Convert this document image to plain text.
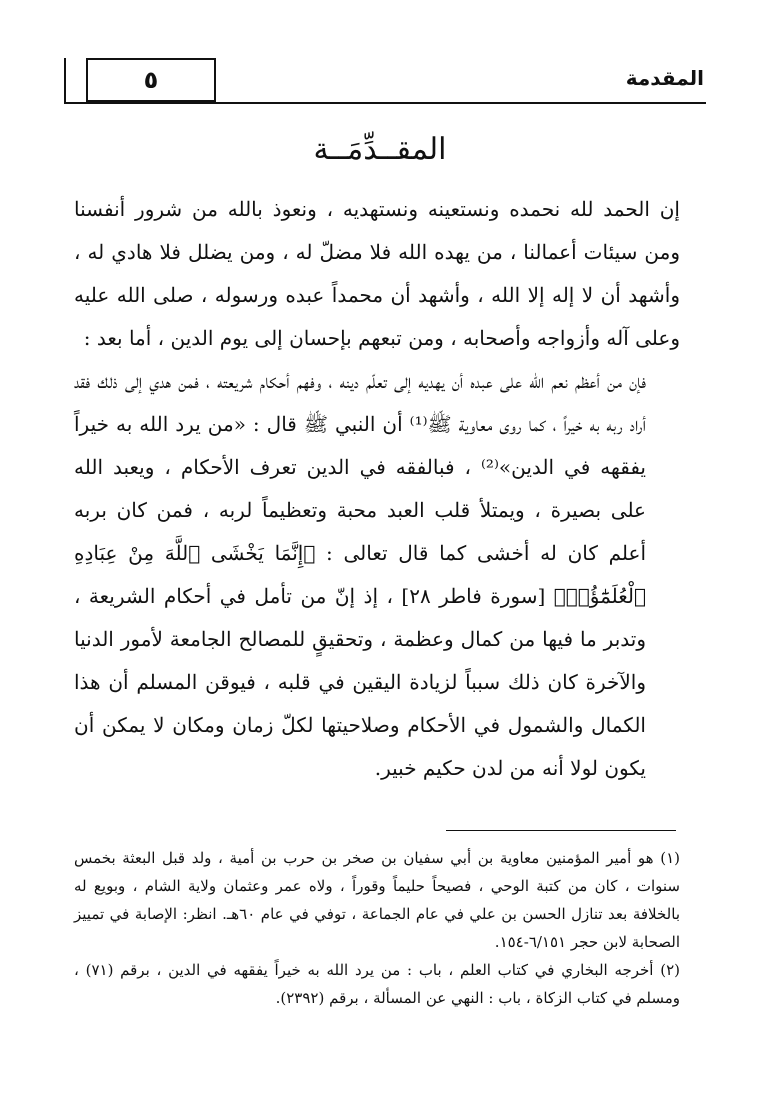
٥	المقدمة
المقــدِّمَــة

إن الحمد لله نحمده ونستعينه ونستهديه ، ونعوذ بالله من شرور أنفسنا ومن سيئات أعمالنا ، من يهده الله فلا مضلّ له ، ومن يضلل فلا هادي له ، وأشهد أن لا إله إلا الله ، وأشهد أن محمداً عبده ورسوله ، صلى الله عليه وعلى آله وأزواجه وأصحابه ، ومن تبعهم بإحسان إلى يوم الدين ، أما بعد :

فإن من أعظم نعم الله على عبده أن يهديه إلى تعلّم دينه ، وفهم أحكام شريعته ، فمن هدي إلى ذلك فقد أراد ربه به خيراً ، كما روى معاوية ﷺ⁽¹⁾ أن النبي ﷺ قال : «من يرد الله به خيراً يفقهه في الدين»⁽²⁾ ، فبالفقه في الدين تعرف الأحكام ، ويعبد الله على بصيرة ، ويمتلأ قلب العبد محبة وتعظيماً لربه ، فمن كان بربه أعلم كان له أخشى كما قال تعالى : ﴿إِنَّمَا يَخْشَى ٱللَّهَ مِنْ عِبَادِهِ ٱلْعُلَمَٰٓؤُا۟﴾ [سورة فاطر ٢٨] ، إذ إنّ من تأمل في أحكام الشريعة ، وتدبر ما فيها من كمال وعظمة ، وتحقيقٍ للمصالح الجامعة لأمور الدنيا والآخرة كان ذلك سبباً لزيادة اليقين في قلبه ، فيوقن المسلم أن هذا الكمال والشمول في الأحكام وصلاحيتها لكلّ زمان ومكان لا يمكن أن يكون لولا أنه من لدن حكيم خبير.

(١) هو أمير المؤمنين معاوية بن أبي سفيان بن صخر بن حرب بن أمية ، ولد قبل البعثة بخمس سنوات ، كان من كتبة الوحي ، فصيحاً حليماً وقوراً ، ولاه عمر وعثمان ولاية الشام ، وبويع له بالخلافة بعد تنازل الحسن بن علي في عام الجماعة ، توفي في عام ٦٠هـ. انظر: الإصابة في تمييز الصحابة لابن حجر ٦/١٥١-١٥٤.

(٢) أخرجه البخاري في كتاب العلم ، باب : من يرد الله به خيراً يفقهه في الدين ، برقم (٧١) ، ومسلم في كتاب الزكاة ، باب : النهي عن المسألة ، برقم (٢٣٩٢).
